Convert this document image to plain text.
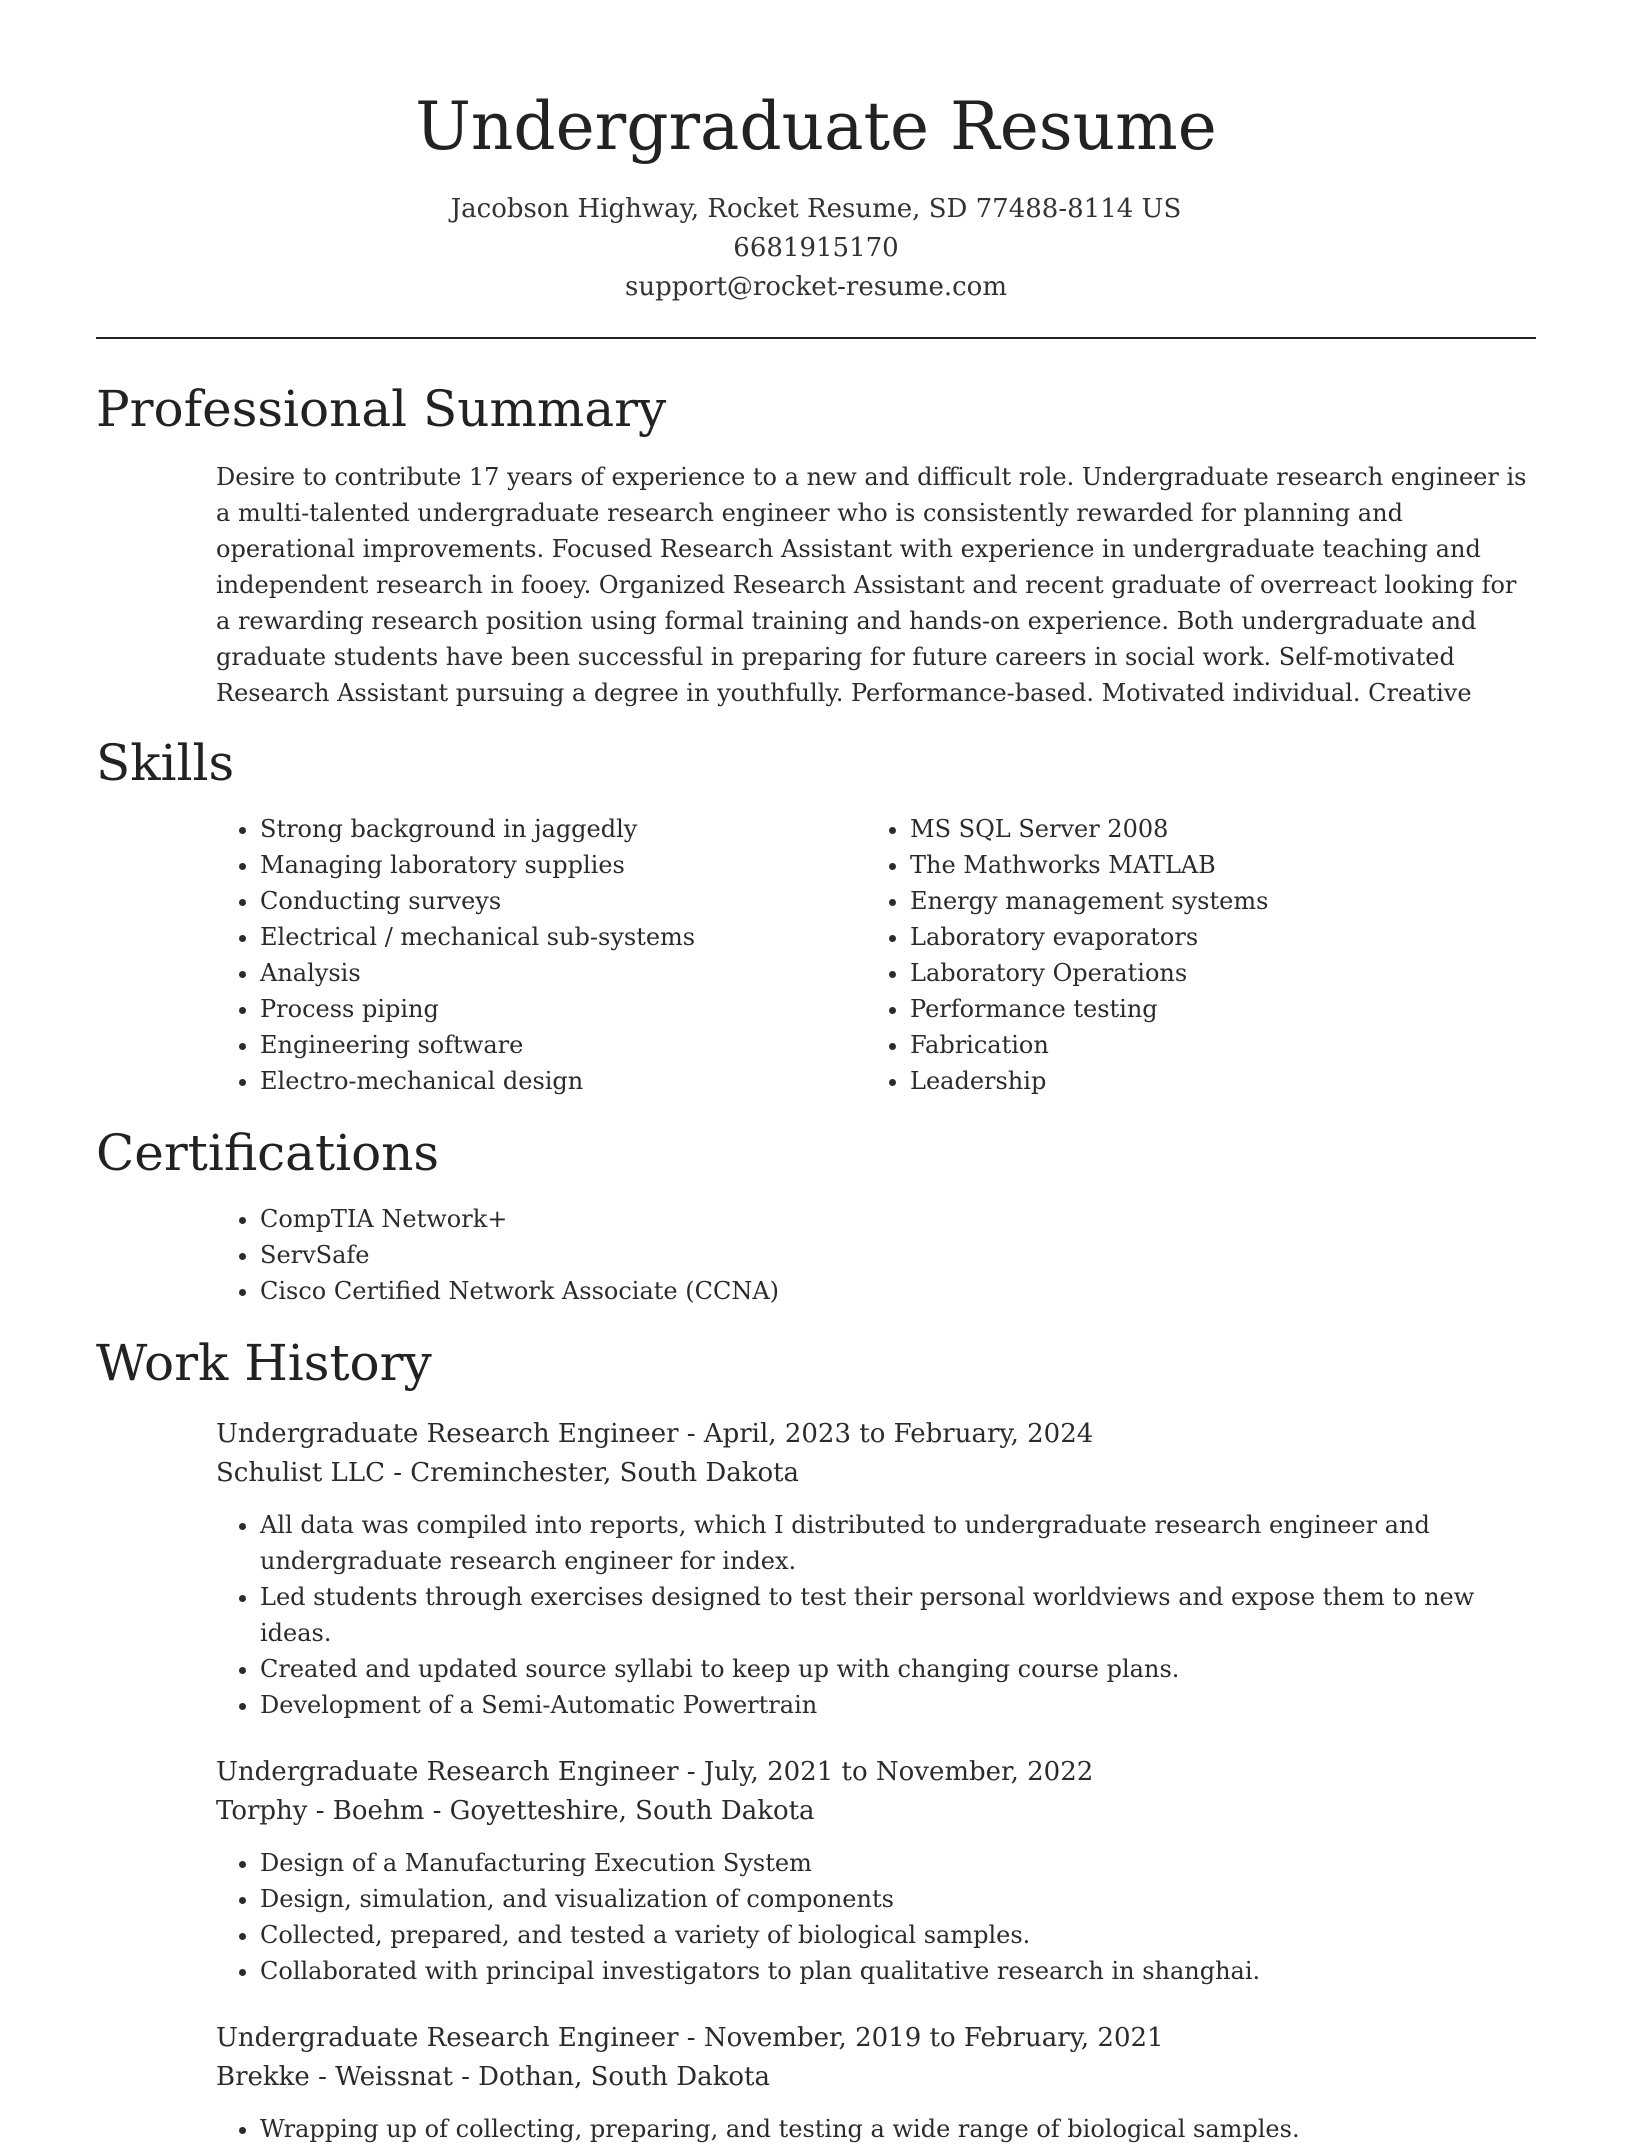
Undergraduate Resume
Jacobson Highway, Rocket Resume, SD 77488-8114 US
6681915170
support@rocket-resume.com
Professional Summary

Desire to contribute 17 years of experience to a new and difficult role. Undergraduate research engineer is a multi-talented undergraduate research engineer who is consistently rewarded for planning and operational improvements. Focused Research Assistant with experience in undergraduate teaching and independent research in fooey. Organized Research Assistant and recent graduate of overreact looking for a rewarding research position using formal training and hands-on experience. Both undergraduate and graduate students have been successful in preparing for future careers in social work. Self-motivated Research Assistant pursuing a degree in youthfully. Performance-based. Motivated individual. Creative

Skills
• Strong background in jaggedly
• Managing laboratory supplies
• Conducting surveys
• Electrical / mechanical sub-systems
• Analysis
• Process piping
• Engineering software
• Electro-mechanical design
• MS SQL Server 2008
• The Mathworks MATLAB
• Energy management systems
• Laboratory evaporators
• Laboratory Operations
• Performance testing
• Fabrication
• Leadership
Certifications
• CompTIA Network+
• ServSafe
• Cisco Certified Network Associate (CCNA)
Work History
Undergraduate Research Engineer - April, 2023 to February, 2024
Schulist LLC - Creminchester, South Dakota
• All data was compiled into reports, which I distributed to undergraduate research engineer and undergraduate research engineer for index.
• Led students through exercises designed to test their personal worldviews and expose them to new ideas.
• Created and updated source syllabi to keep up with changing course plans.
• Development of a Semi-Automatic Powertrain
Undergraduate Research Engineer - July, 2021 to November, 2022
Torphy - Boehm - Goyetteshire, South Dakota
• Design of a Manufacturing Execution System
• Design, simulation, and visualization of components
• Collected, prepared, and tested a variety of biological samples.
• Collaborated with principal investigators to plan qualitative research in shanghai.
Undergraduate Research Engineer - November, 2019 to February, 2021
Brekke - Weissnat - Dothan, South Dakota
• Wrapping up of collecting, preparing, and testing a wide range of biological samples.
